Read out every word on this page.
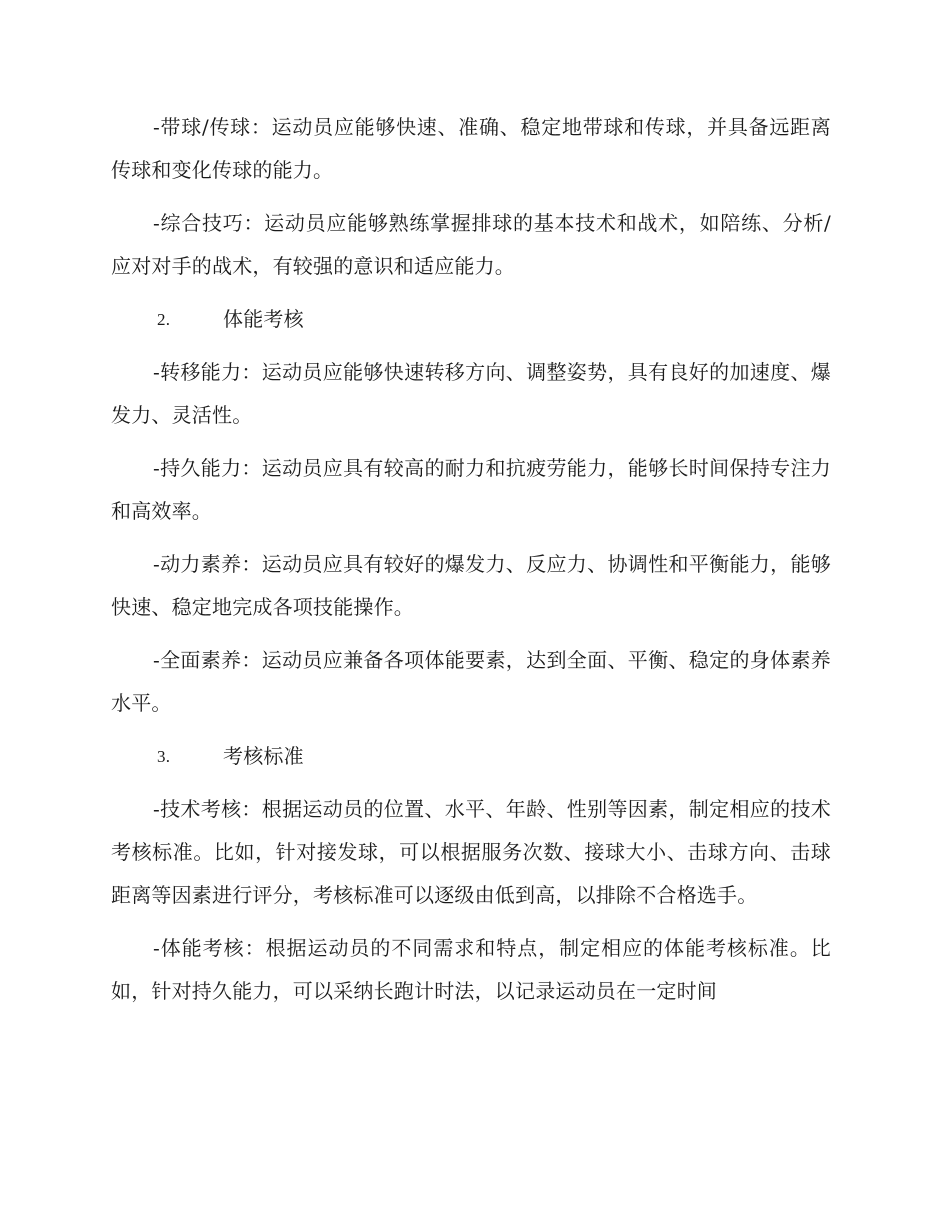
-带球/传球：运动员应能够快速、准确、稳定地带球和传球，并具备远距离传球和变化传球的能力。

-综合技巧：运动员应能够熟练掌握排球的基本技术和战术，如陪练、分析/应对对手的战术，有较强的意识和适应能力。

2.	体能考核

-转移能力：运动员应能够快速转移方向、调整姿势，具有良好的加速度、爆发力、灵活性。

-持久能力：运动员应具有较高的耐力和抗疲劳能力，能够长时间保持专注力和高效率。

-动力素养：运动员应具有较好的爆发力、反应力、协调性和平衡能力，能够快速、稳定地完成各项技能操作。

-全面素养：运动员应兼备各项体能要素，达到全面、平衡、稳定的身体素养水平。

3.	考核标准

-技术考核：根据运动员的位置、水平、年龄、性别等因素，制定相应的技术考核标准。比如，针对接发球，可以根据服务次数、接球大小、击球方向、击球距离等因素进行评分，考核标准可以逐级由低到高，以排除不合格选手。

-体能考核：根据运动员的不同需求和特点，制定相应的体能考核标准。比如，针对持久能力，可以采纳长跑计时法，以记录运动员在一定时间
